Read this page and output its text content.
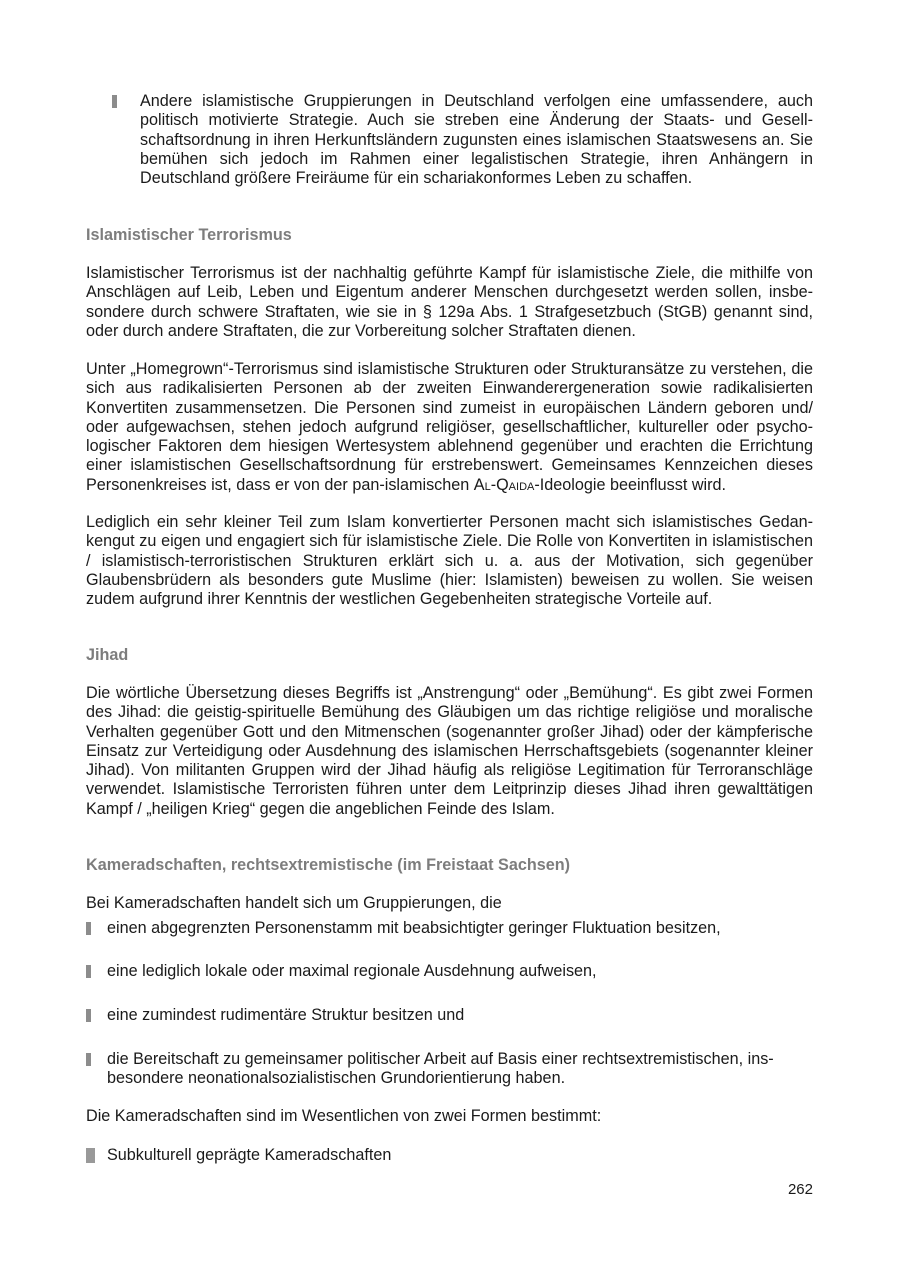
Andere islamistische Gruppierungen in Deutschland verfolgen eine umfassendere, auch politisch motivierte Strategie. Auch sie streben eine Änderung der Staats- und Gesellschaftsordnung in ihren Herkunftsländern zugunsten eines islamischen Staatswesens an. Sie bemühen sich jedoch im Rahmen einer legalistischen Strategie, ihren Anhängern in Deutschland größere Freiräume für ein schariakonformes Leben zu schaffen.
Islamistischer Terrorismus
Islamistischer Terrorismus ist der nachhaltig geführte Kampf für islamistische Ziele, die mithilfe von Anschlägen auf Leib, Leben und Eigentum anderer Menschen durchgesetzt werden sollen, insbesondere durch schwere Straftaten, wie sie in § 129a Abs. 1 Strafgesetzbuch (StGB) genannt sind, oder durch andere Straftaten, die zur Vorbereitung solcher Straftaten dienen.
Unter „Homegrown“-Terrorismus sind islamistische Strukturen oder Strukturansätze zu verstehen, die sich aus radikalisierten Personen ab der zweiten Einwanderergeneration sowie radikalisierten Konvertiten zusammensetzen. Die Personen sind zumeist in europäischen Ländern geboren und/ oder aufgewachsen, stehen jedoch aufgrund religiöser, gesellschaftlicher, kultureller oder psychologischer Faktoren dem hiesigen Wertesystem ablehnend gegenüber und erachten die Errichtung einer islamistischen Gesellschaftsordnung für erstrebenswert. Gemeinsames Kennzeichen dieses Personenkreises ist, dass er von der pan-islamischen Al-Qaida-Ideologie beeinflusst wird.
Lediglich ein sehr kleiner Teil zum Islam konvertierter Personen macht sich islamistisches Gedankengut zu eigen und engagiert sich für islamistische Ziele. Die Rolle von Konvertiten in islamistischen / islamistisch-terroristischen Strukturen erklärt sich u. a. aus der Motivation, sich gegenüber Glaubensbrüdern als besonders gute Muslime (hier: Islamisten) beweisen zu wollen. Sie weisen zudem aufgrund ihrer Kenntnis der westlichen Gegebenheiten strategische Vorteile auf.
Jihad
Die wörtliche Übersetzung dieses Begriffs ist „Anstrengung“ oder „Bemühung“. Es gibt zwei Formen des Jihad: die geistig-spirituelle Bemühung des Gläubigen um das richtige religiöse und moralische Verhalten gegenüber Gott und den Mitmenschen (sogenannter großer Jihad) oder der kämpferische Einsatz zur Verteidigung oder Ausdehnung des islamischen Herrschaftsgebiets (sogenannter kleiner Jihad). Von militanten Gruppen wird der Jihad häufig als religiöse Legitimation für Terroranschläge verwendet. Islamistische Terroristen führen unter dem Leitprinzip dieses Jihad ihren gewalttätigen Kampf / „heiligen Krieg“ gegen die angeblichen Feinde des Islam.
Kameradschaften, rechtsextremistische (im Freistaat Sachsen)
Bei Kameradschaften handelt sich um Gruppierungen, die
einen abgegrenzten Personenstamm mit beabsichtigter geringer Fluktuation besitzen,
eine lediglich lokale oder maximal regionale Ausdehnung aufweisen,
eine zumindest rudimentäre Struktur besitzen und
die Bereitschaft zu gemeinsamer politischer Arbeit auf Basis einer rechtsextremistischen, insbesondere neonationalsozialistischen Grundorientierung haben.
Die Kameradschaften sind im Wesentlichen von zwei Formen bestimmt:
Subkulturell geprägte Kameradschaften
262
